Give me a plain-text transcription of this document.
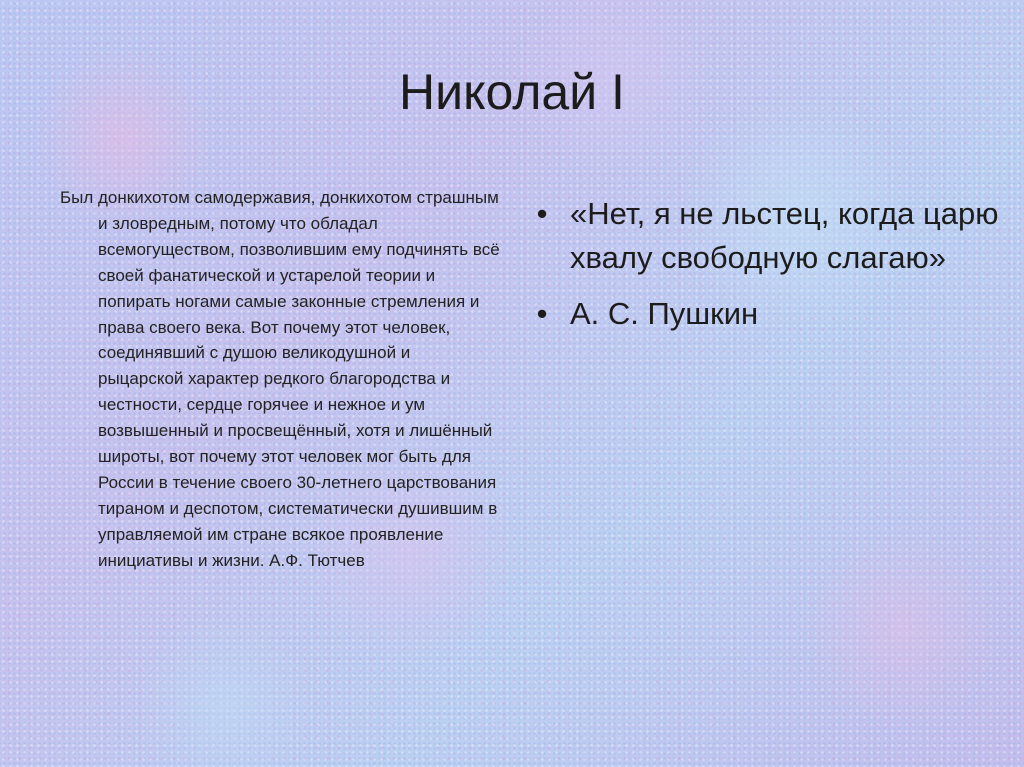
Николай I

Был донкихотом самодержавия, донкихотом страшным и зловредным, потому что обладал всемогуществом, позволившим ему подчинять всё своей фанатической и устарелой теории и попирать ногами самые законные стремления и права своего века. Вот почему этот человек, соединявший с душою великодушной и рыцарской характер редкого благородства и честности, сердце горячее и нежное и ум возвышенный и просвещённый, хотя и лишённый широты, вот почему этот человек мог быть для России в течение своего 30-летнего царствования тираном и деспотом, систематически душившим в управляемой им стране всякое проявление инициативы и жизни. А.Ф. Тютчев

• «Нет, я не льстец, когда царю хвалу свободную слагаю»
• А. С. Пушкин
